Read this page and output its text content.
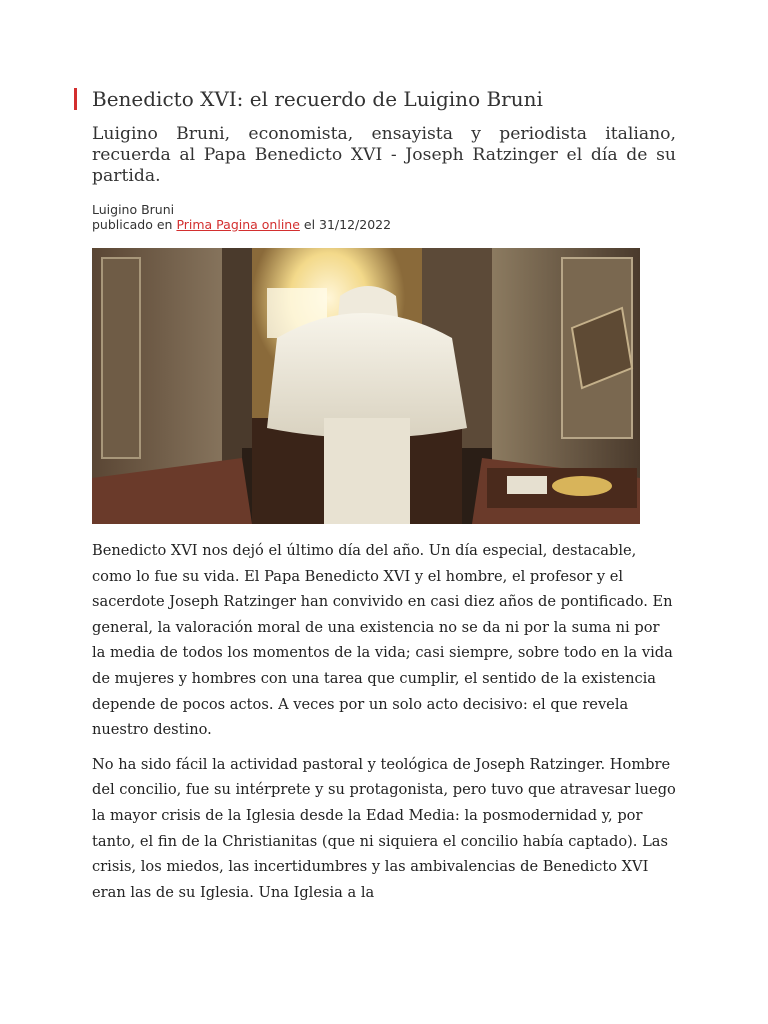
Benedicto XVI: el recuerdo de Luigino Bruni

Luigino Bruni, economista, ensayista y periodista italiano, recuerda al Papa Benedicto XVI - Joseph Ratzinger el día de su partida.

Luigino Bruni
publicado en Prima Pagina online el 31/12/2022

Benedicto XVI nos dejó el último día del año. Un día especial, destacable, como lo fue su vida. El Papa Benedicto XVI y el hombre, el profesor y el sacerdote Joseph Ratzinger han convivido en casi diez años de pontificado. En general, la valoración moral de una existencia no se da ni por la suma ni por la media de todos los momentos de la vida; casi siempre, sobre todo en la vida de mujeres y hombres con una tarea que cumplir, el sentido de la existencia depende de pocos actos. A veces por un solo acto decisivo: el que revela nuestro destino.

No ha sido fácil la actividad pastoral y teológica de Joseph Ratzinger. Hombre del concilio, fue su intérprete y su protagonista, pero tuvo que atravesar luego la mayor crisis de la Iglesia desde la Edad Media: la posmodernidad y, por tanto, el fin de la Christianitas (que ni siquiera el concilio había captado). Las crisis, los miedos, las incertidumbres y las ambivalencias de Benedicto XVI eran las de su Iglesia. Una Iglesia a la
